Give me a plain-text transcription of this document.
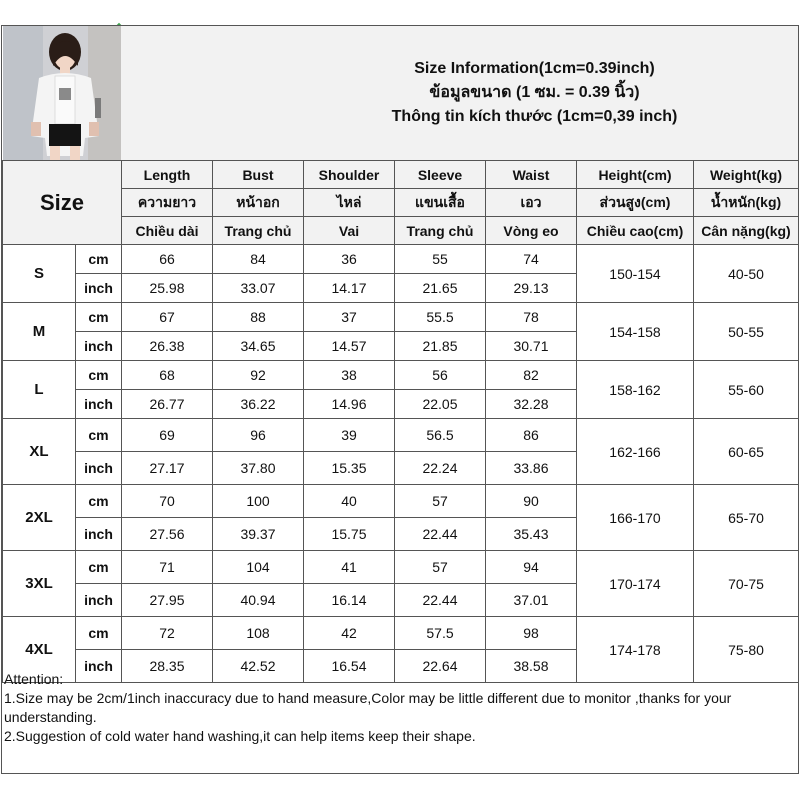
Size Information(1cm=0.39inch)
ข้อมูลขนาด (1 ซม. = 0.39 นิ้ว)
Thông tin kích thước (1cm=0,39 inch)
Size		Length	Bust	Shoulder	Sleeve	Waist	Height(cm)	Weight(kg)
		ความยาว	หน้าอก	ไหล่	แขนเสื้อ	เอว	ส่วนสูง(cm)	น้ำหนัก(kg)
		Chiều dài	Trang chủ	Vai	Trang chủ	Vòng eo	Chiều cao(cm)	Cân nặng(kg)
S	cm	66	84	36	55	74	150-154	40-50
	inch	25.98	33.07	14.17	21.65	29.13		
M	cm	67	88	37	55.5	78	154-158	50-55
	inch	26.38	34.65	14.57	21.85	30.71		
L	cm	68	92	38	56	82	158-162	55-60
	inch	26.77	36.22	14.96	22.05	32.28		
XL	cm	69	96	39	56.5	86	162-166	60-65
	inch	27.17	37.80	15.35	22.24	33.86		
2XL	cm	70	100	40	57	90	166-170	65-70
	inch	27.56	39.37	15.75	22.44	35.43		
3XL	cm	71	104	41	57	94	170-174	70-75
	inch	27.95	40.94	16.14	22.44	37.01		
4XL	cm	72	108	42	57.5	98	174-178	75-80
	inch	28.35	42.52	16.54	22.64	38.58		
Attention:
1.Size may be 2cm/1inch inaccuracy due to hand measure,Color may be little different due to monitor ,thanks for your understanding.
2.Suggestion of cold water hand washing,it can help items keep their shape.
